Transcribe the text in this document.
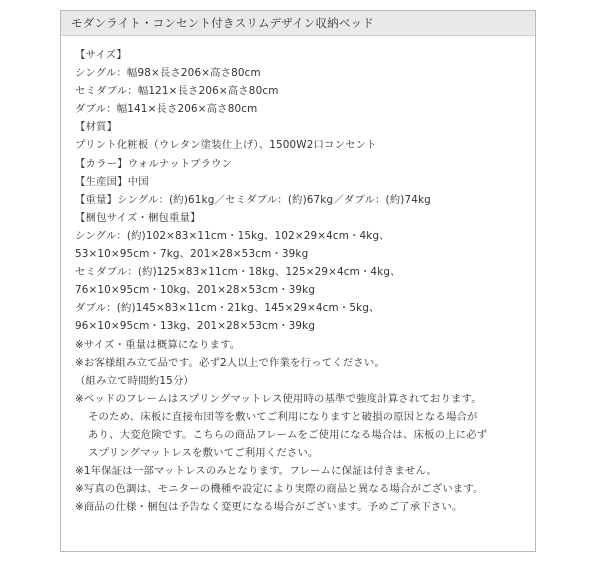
モダンライト・コンセント付きスリムデザイン収納ベッド
【サイズ】
シングル：幅98×長さ206×高さ80cm
セミダブル：幅121×長さ206×高さ80cm
ダブル：幅141×長さ206×高さ80cm
【材質】
プリント化粧板（ウレタン塗装仕上げ）、1500W2口コンセント
【カラー】ウォルナットブラウン
【生産国】中国
【重量】シングル：(約)61kg／セミダブル：(約)67kg／ダブル：(約)74kg
【梱包サイズ・梱包重量】
シングル：(約)102×83×11cm・15kg、102×29×4cm・4kg、
53×10×95cm・7kg、201×28×53cm・39kg
セミダブル：(約)125×83×11cm・18kg、125×29×4cm・4kg、
76×10×95cm・10kg、201×28×53cm・39kg
ダブル：(約)145×83×11cm・21kg、145×29×4cm・5kg、
96×10×95cm・13kg、201×28×53cm・39kg
※サイズ・重量は概算になります。
※お客様組み立て品です。必ず2人以上で作業を行ってください。
（組み立て時間約15分）
※ベッドのフレームはスプリングマットレス使用時の基準で強度計算されております。
そのため、床板に直接布団等を敷いてご利用になりますと破損の原因となる場合が
あり、大変危険です。こちらの商品フレームをご使用になる場合は、床板の上に必ず
スプリングマットレスを敷いてご利用ください。
※1年保証は一部マットレスのみとなります。フレームに保証は付きません。
※写真の色調は、モニターの機種や設定により実際の商品と異なる場合がございます。
※商品の仕様・梱包は予告なく変更になる場合がございます。予めご了承下さい。
